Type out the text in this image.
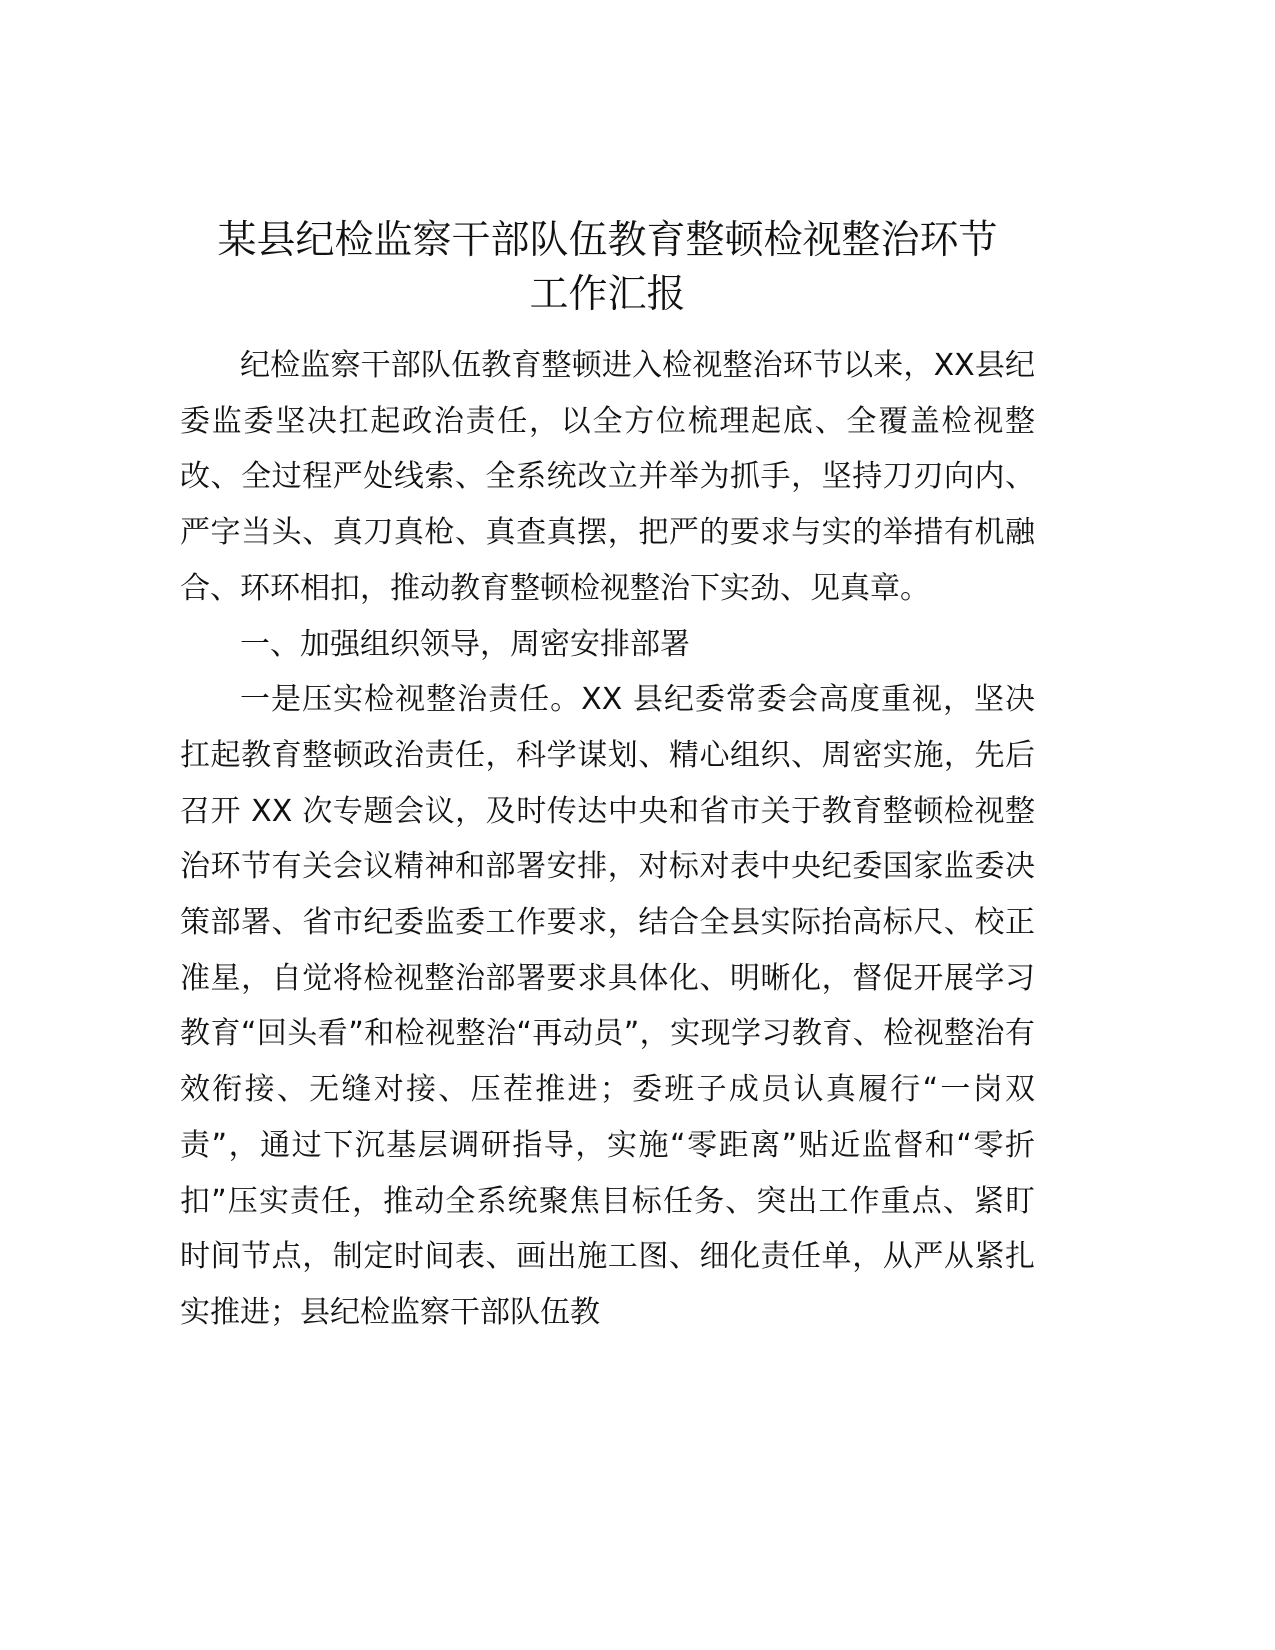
某县纪检监察干部队伍教育整顿检视整治环节
工作汇报

纪检监察干部队伍教育整顿进入检视整治环节以来，XX县纪委监委坚决扛起政治责任，以全方位梳理起底、全覆盖检视整改、全过程严处线索、全系统改立并举为抓手，坚持刀刃向内、严字当头、真刀真枪、真查真摆，把严的要求与实的举措有机融合、环环相扣，推动教育整顿检视整治下实劲、见真章。

一、加强组织领导，周密安排部署

一是压实检视整治责任。XX 县纪委常委会高度重视，坚决扛起教育整顿政治责任，科学谋划、精心组织、周密实施，先后召开 XX 次专题会议，及时传达中央和省市关于教育整顿检视整治环节有关会议精神和部署安排，对标对表中央纪委国家监委决策部署、省市纪委监委工作要求，结合全县实际抬高标尺、校正准星，自觉将检视整治部署要求具体化、明晰化，督促开展学习教育“回头看”和检视整治“再动员”，实现学习教育、检视整治有效衔接、无缝对接、压茬推进；委班子成员认真履行“一岗双责”，通过下沉基层调研指导，实施“零距离”贴近监督和“零折扣”压实责任，推动全系统聚焦目标任务、突出工作重点、紧盯时间节点，制定时间表、画出施工图、细化责任单，从严从紧扎实推进；县纪检监察干部队伍教
